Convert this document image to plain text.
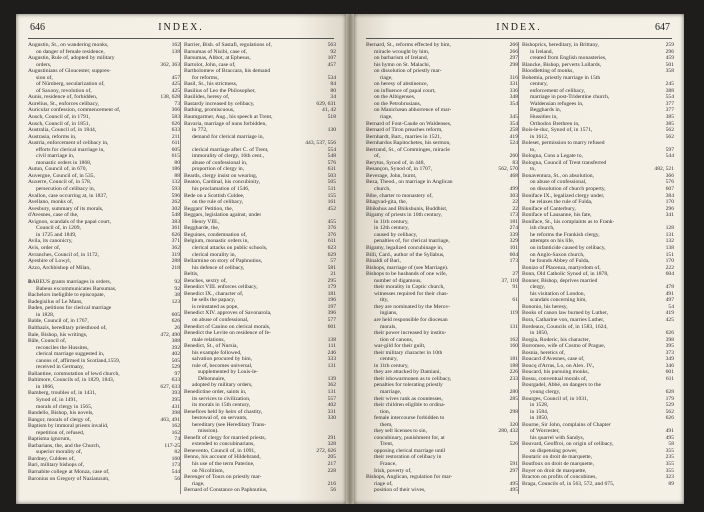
646	INDEX.
Augustin, St., on wandering monks,	162
on danger of female residence,	138
Augustin, Rule of, adopted by military
orders,	362, 363
Augustinians of Gloucester, suppres-
sion of,	457
of Nürnberg, secularization of,	425
of Saxony, revolution of,	425
Aunis, residence of, forbidden,	138, 628
Aurelius, St., enforces celibacy,	73
Auricular confession, commencement of,	366
Ausch, Council of, in 1791,	583
Ausch, Council of, in 1851,	626
Australia, Council of, in 1844,	633
Austrasia, reforms in,	211
Austria, enforcement of celibacy in,	611
efforts for clerical marriage in,	605
civil marriage in,	615
monastic orders in 1868,	80
Autun, Council of, in 670,	186
Auvergne, Council of, in 535,	88
Auxerre, Council of, in 578,	132
persecution of celibacy in,	593
Avallon, case occurring at, in 1837,	596
Avellano, monks of,	262
Avesbury, summary of its morals,	302
d'Avesnes, case of the,	548
Avignon, scandals of the papal court,	383
Council of, in 1209,	361
in 1725 and 1849,	626
Avila, its canonicry,	371
Avis, order of,	362
Avranches, Council of, in 1172,	319
Ayeshire of Lowyl,	288
Azzo, Archbishop of Milan,	218
BABEUS grants marriages in orders,	92
Babeus excommunicates Barsumas,	92
Bachelors ineligible to episcopate,	38
Badegisilus of Le Mans,	123
Baden, petitions for clerical marriage
in 1828,	605
Balde, Council of, in 1767,	626
Balthazis, hereditary priesthood of,	26
Bale, Bishop, his writings,	472, 490
Bâle, Council of,	388
reconciles the Hussites,	392
clerical marriage suggested in,	402
canons of, affirmed in Scotland,1559,	505
received in Germany,	529
Ballantine, commutation of lewd church,	97
Baltimore, Councils of, in 1829, 1843,	633
in 1866,	627, 633
Bamberg, troubles of, in 1431,	393
Synod of, in 1491,	395
morals of clergy in 1565,	431
Bandello, Bishop, his novels,	398
Bangor, morals of clergy of,	463, 491
Baptism by immoral priests invalid,	162
repetition of, refused,	162
Baptisma ignorum,	74
Barbarians, the, and the Church,	117-25
superior morality of,	82
Bardney, Culdees of,	160
Bari, military bishops of,	173
Barnabite college at Monza, case of,	544
Baronius on Gregory of Nazianzum,	56
Barrier, Bish. of Sastafi, regulations of,	563
Barsumas of Nisibi, case of,	92
Barsumas, Abbot, at Ephesus,	107
Bartolot, John, case of,	457
Bartholomew of Braccara, his demand
for reforms,	534
Basil, St., his strictness,	84
Basilius of Leo the Philosopher,	80
Basilides, heresy of,	34
Bastardy increased by celibacy,	629, 631
Bathing, promiscuous,	41, 42
Baumgartner, Aug., his speech at Trent,	518
Bavaria, marriage of nuns forbidden,
in 772,	130
demand for clerical marriage in,
443, 537, 556
clerical marriage after C. of Trent,	554
immorality of clergy, 16th cent.,	548
abuse of confessional in,	576
proportion of clergy in,	631
Beards, clergy insist on wearing,	503
Beaton, Cardinal, his concubinity,	505
his proclamation of 1546,	511
Bede on a Scottish Culdee,	155
on the rule of celibacy,	161
Beggars' Petition, the,	452
Beggars, legislation against, under
Henry VIII.,	455
Beggharde, the,	376
Beguines, condemnation of,	376
Belgium, monastic orders in,	611
clerical attacks on public schools,	623
clerical morality in,	629
Bellarmine on story of Paphnutius,	57
his defence of celibacy,	581
Beltis,	21
Benches, sextry of,	295
Benedict VIII. enforces celibacy,	179
Benedict IX., character of,	181
he sells the papacy,	196
is reinstated as pope,	197
Benedict XIV. approves of Savonarola,	396
on abuse of confessional,	577
Benedict of Canino on clerical morals,	601
Benedict the Levite on residence of fe-
male relations,	138
Benedict, St., of Nursia,	111
his example followed,	246
salvation procured by him,	333
rule of, becomes universal,	131
supplemented by Louis-le-
Débonnaire,	139
adopted by military orders,	362
Benedictine order, saints in,	131
its services to civilization,	557
its morals in 15th century,	402
Benefices held by heirs of chastity,	331
bestowal of, on servants,	330
hereditary (see Hereditary Trans-
mission).
Benefit of clergy for married priests,	291
extended to concubinarians,	328
Benevento, Council of, in 1091,	272, 626
Benno, his account of Hildebrand,	205
his use of the term Paterine,	217
on Nicolitism,	228
Berenger of Tours on priestly mar-
riage,	216
Bernard of Constance on Paphnutius,	56
INDEX.	647
Bernard, St., reforms effected by him,	266
miracle wrought by him,	266
on barbarism of Ireland,	297
his hymn on St. Malachi,	298
on dissolution of priestly mar-
riage,	316
on heresy of abstinence,	331
on influence of papal court,	336
on the Albigenses,	348
on the Petrobrusians,	354
on Manichæan abhorrence of mar-
riage,	345
Bernard of Font-Caude on Waldenses,	354
Bernard of Tiron preaches reform,	258
Bernhardt, Bart., marries in 1521,	419
Bernhardus Bapitochetes, his sermon,	524
Bertrand, St., of Comminges, miracle
of,	260
Berytus, Synod of, in 448,	83
Besançon, Synod of, in 1707,	562, 570
Beverage, John, burnt,	468
Beza, Theod., on marriage in Anglican
church,	499
Bibe, charter to monastery of,	303
Bhagvad-gita, the,	22
Bhikshus and Bhikshunis, Buddhist,	22
Bigamy of priests in 10th century,	173
in 11th century,	181
in 12th century,	274
caused by celibacy,	339
penalties of, for clerical marriage,	329
Bigamy, legalized concubinage in,	101
Billi, Card., author of the Syllabus,	604
Binaldi of Bari,	173
Bishops, marriage of (see Marriage).
Bishops to be husbands of one wife,	27
number of digamous,	37, 110
their morality in Coptic church,	91
witnesses required for their chas-
tity,	61
they are nominated by the Merov-
ingians,	119
are held responsible for diocesan
morals,	131
their power increased by institu-
tion of canons,	162
war-gild for their guilt,	160
their military character in 10th
century,	181
in 11th century,	188
they are attacked by Damiani,	226
their ishowarmonen as to celibacy,	233
penalties for tolerating priestly
marriage,	280
their wives rank as countesses,	285
their children eligible to ordina-
tion,	298
female intercourse forbidden to
them,	320
they sell licenses to sin,	280, 432
concubinary, punishment for, at
Trent,	526
opposing clerical marriage until
their restoration of celibacy in
France,	591
Irish, poverty of,	297
Bishops, Anglican, regulation for mar-
riage of,	495
position of their wives,	495
Bishoprics, hereditary, in Brittany,	259
in Ireland,	296
created from English monasteries,	459
Blancke, Bishop, perverts Lollards,	501
Bloodletting of monks,	358
Bohemia, priestly marriage in 15th
century,	245
enforcement of celibacy,	388
marriage in post-Tridentine church,	554
Waldensian refugees in,	377
Begghards in,	377
Hussities in,	385
Orthodox Brethren in,	385
Bois-le-duc, Synod of, in 1571,	562
in 1612,	562
Boleset, permission to marry refused
to,	597
Bologna, Cons a Legate to,	544
Bologna, Council of Trent transferred
to,	482, 521
Bonaventura, St., on absolution,	366
on abuse of confessional,	576
on dissolution of church property,	607
Boniface IX., legalized clergy under,	384
he relaxes the rule of Fulda,	170
Boniface of Canterbury,	296
Boniface of Lausanne, his fate,	341
Boniface, St., his complaints as to Frank-
ish church,	128
he reforms the Frankish clergy,	131
attempts on his life,	132
on infanticide caused by celibacy,	138
on Anglo-Saxon church,	151
he founds Abbey of Fulda,	170
Bonizo of Placenza, martyrdom of,	222
Bonn, Old Catholic Synod of, in 1878,	604
Bonner, Bishop, deprives married
clergy,	478
his visitation of London,	491
scandals concerning him,	497
Bononio, his heresy,	54
Books of canon law burned by Luther,	419
Bora, Catharine von, marries Luther,	425
Bordeaux, Councils of, in 1583, 1624,
in 1850,	626
Borgia, Roderic, his character,	398
Borromeo, wife of Cosmo of Prague,	395
Bosnia, heretics of,	373
Boucard d'Avesnes, case of,	349
Boucq d'Arras, Lo, on Alex. IV.,	346
Boucard, his pursuing monks,	601
Bossu, conventual morals of,	611
Bourgadel, Abbé, on dangers to the
young clergy,	628
Bourges, Council of, in 1031,	179
in 1528,	529
in 1584,	562
in 1850,	626
Bourne, Sir John, complains of Chapter
of Worcester,	491
his quarrel with Sandys,	495
Bouvard, Geoffroi, on origin of celibacy,	58
on dispensing power,	355
Boutaric on droit de marquette,	235
Boutfoux on droit de marquette,	355
Boyer on droit de marquette,	355
Bracton on profits of concubines,	323
Braga, Councils of, in 563, 572, and 675,	89
